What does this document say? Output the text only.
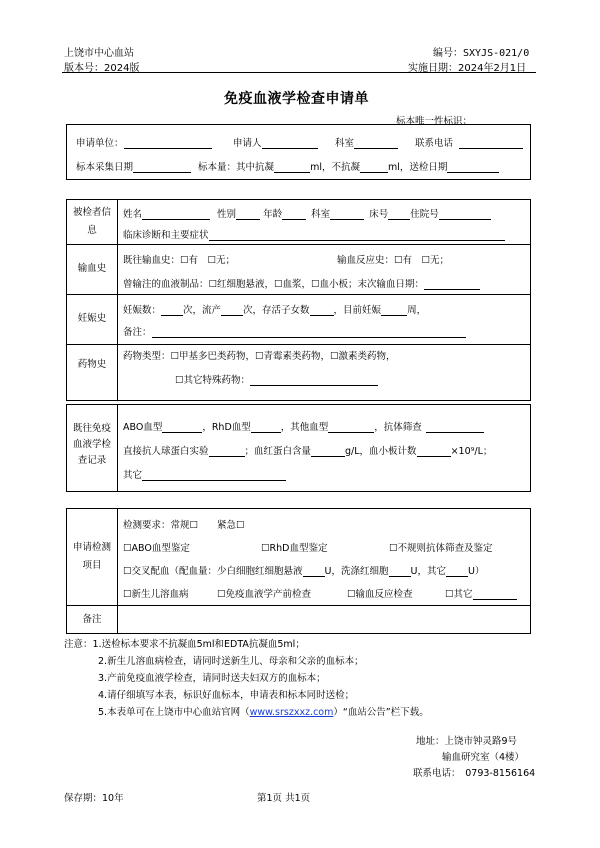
上饶市中心血站	编号：SXYJS-021/0
版本号：2024版	实施日期：2024年2月1日
免疫血液学检查申请单
标本唯一性标识：
申请单位：	申请人	科室	联系电话
标本采集日期	标本量：其中抗凝	ml，不抗凝	ml，送检日期
被检者信息
姓名	性别	年龄	科室	床号 住院号
临床诊断和主要症状
输血史
既往输血史：☐有　☐无；	输血反应史：☐有　☐无；
曾输注的血液制品：☐红细胞悬液，☐血浆，☐血小板；末次输血日期：
妊娠史
妊娠数： 次，流产 次，存活子女数	，目前妊娠	周，
备注：
药物史
药物类型：☐甲基多巴类药物，☐青霉素类药物，☐激素类药物，
☐其它特殊药物：
既往免疫血液学检查记录
ABO血型	，RhD血型	，其他血型	，抗体筛查
直接抗人球蛋白实验	；血红蛋白含量	g/L，血小板计数	×10⁹/L；
其它
申请检测项目
检测要求：常规☐　　紧急☐
☐ABO血型鉴定	☐RhD血型鉴定	☐不规则抗体筛查及鉴定
☐交叉配血（配血量：少白细胞红细胞悬液 U，洗涤红细胞 U，其它 U）
☐新生儿溶血病	☐免疫血液学产前检查	☐输血反应检查	☐其它
备注
注意：1.送检标本要求不抗凝血5ml和EDTA抗凝血5ml；
2.新生儿溶血病检查，请同时送新生儿、母亲和父亲的血标本；
3.产前免疫血液学检查，请同时送夫妇双方的血标本；
4.请仔细填写本表，标识好血标本，申请表和标本同时送检；
5.本表单可在上饶市中心血站官网（www.srszxxz.com）“血站公告”栏下载。
地址：上饶市钟灵路9号
输血研究室（4楼）
联系电话：　0793-8156164
保存期：10年	第1页 共1页
